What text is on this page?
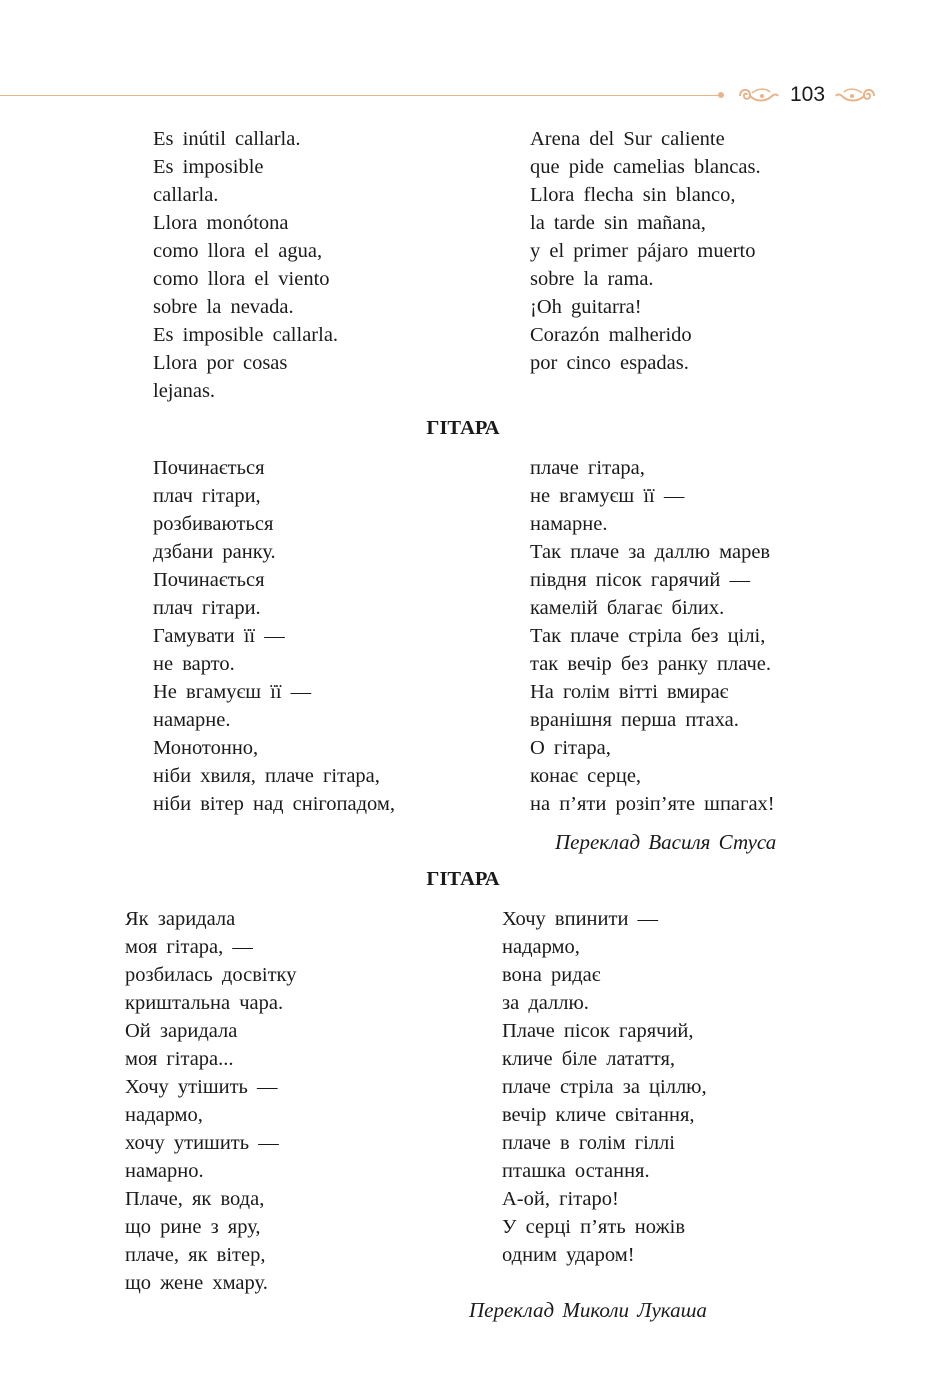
103
Es inútil callarla.
Es imposible
callarla.
Llora monótona
como llora el agua,
como llora el viento
sobre la nevada.
Es imposible callarla.
Llora por cosas
lejanas.
Arena del Sur caliente
que pide camelias blancas.
Llora flecha sin blanco,
la tarde sin mañana,
y el primer pájaro muerto
sobre la rama.
¡Oh guitarra!
Corazón malherido
por cinco espadas.
ГІТАРА
Починається
плач гітари,
розбиваються
дзбани ранку.
Починається
плач гітари.
Гамувати її —
не варто.
Не вгамуєш її —
намарне.
Монотонно,
ніби хвиля, плаче гітара,
ніби вітер над снігопадом,
плаче гітара,
не вгамуєш її —
намарне.
Так плаче за даллю марев
півдня пісок гарячий —
камелій благає білих.
Так плаче стріла без цілі,
так вечір без ранку плаче.
На голім вітті вмирає
вранішня перша птаха.
О гітара,
конає серце,
на п’яти розіп’яте шпагах!
Переклад Василя Стуса
ГІТАРА
Як заридала
моя гітара, —
розбилась досвітку
криштальна чара.
Ой заридала
моя гітара...
Хочу утішить —
надармо,
хочу утишить —
намарно.
Плаче, як вода,
що рине з яру,
плаче, як вітер,
що жене хмару.
Хочу впинити —
надармо,
вона ридає
за даллю.
Плаче пісок гарячий,
кличе біле латаття,
плаче стріла за ціллю,
вечір кличе світання,
плаче в голім гіллі
пташка остання.
А-ой, гітаро!
У серці п’ять ножів
одним ударом!
Переклад Миколи Лукаша
